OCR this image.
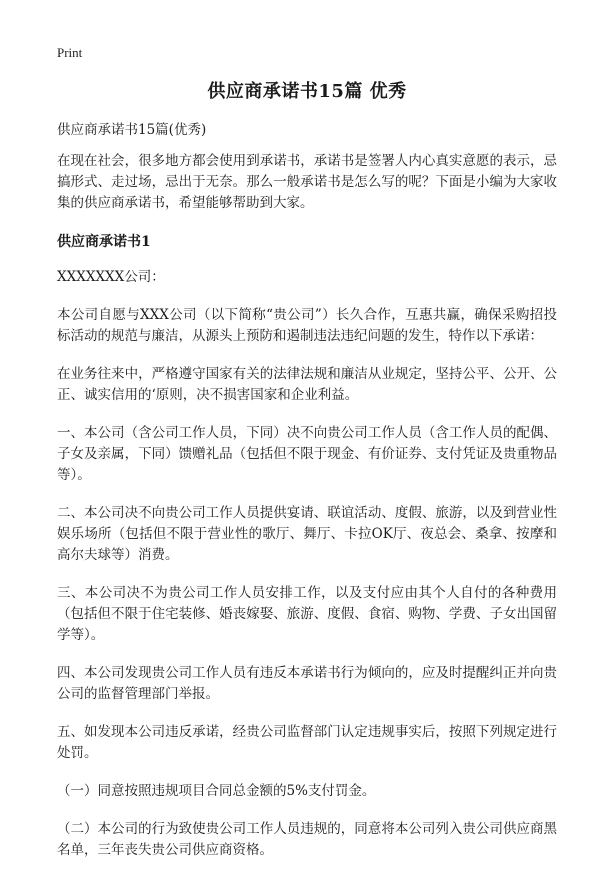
Print
供应商承诺书15篇 优秀
供应商承诺书15篇(优秀)
在现在社会，很多地方都会使用到承诺书，承诺书是签署人内心真实意愿的表示，忌搞形式、走过场，忌出于无奈。那么一般承诺书是怎么写的呢？下面是小编为大家收集的供应商承诺书，希望能够帮助到大家。
供应商承诺书1
XXXXXXX公司：
本公司自愿与XXX公司（以下简称“贵公司”）长久合作，互惠共赢，确保采购招投标活动的规范与廉洁，从源头上预防和遏制违法违纪问题的发生，特作以下承诺：
在业务往来中，严格遵守国家有关的法律法规和廉洁从业规定，坚持公平、公开、公正、诚实信用的‘原则，决不损害国家和企业利益。
一、本公司（含公司工作人员，下同）决不向贵公司工作人员（含工作人员的配偶、子女及亲属，下同）馈赠礼品（包括但不限于现金、有价证券、支付凭证及贵重物品等）。
二、本公司决不向贵公司工作人员提供宴请、联谊活动、度假、旅游，以及到营业性娱乐场所（包括但不限于营业性的歌厅、舞厅、卡拉OK厅、夜总会、桑拿、按摩和高尔夫球等）消费。
三、本公司决不为贵公司工作人员安排工作，以及支付应由其个人自付的各种费用（包括但不限于住宅装修、婚丧嫁娶、旅游、度假、食宿、购物、学费、子女出国留学等）。
四、本公司发现贵公司工作人员有违反本承诺书行为倾向的，应及时提醒纠正并向贵公司的监督管理部门举报。
五、如发现本公司违反承诺，经贵公司监督部门认定违规事实后，按照下列规定进行处罚。
（一）同意按照违规项目合同总金额的5%支付罚金。
（二）本公司的行为致使贵公司工作人员违规的，同意将本公司列入贵公司供应商黑名单，三年丧失贵公司供应商资格。
